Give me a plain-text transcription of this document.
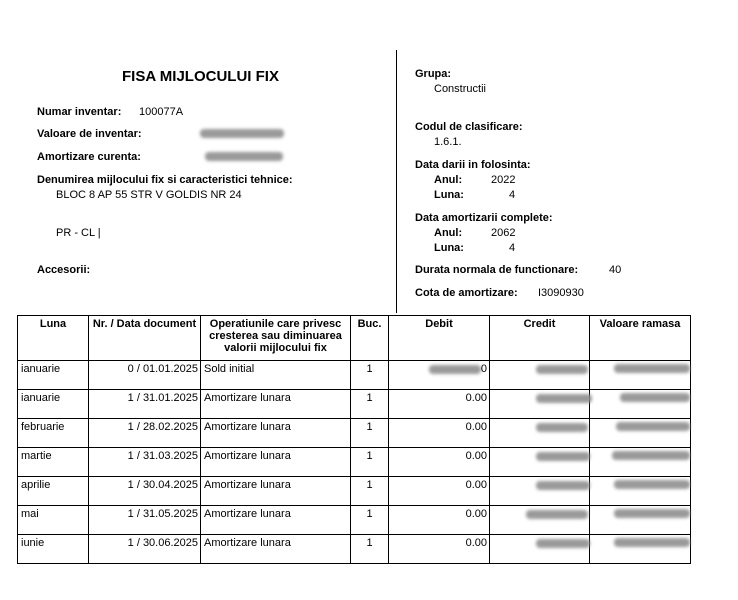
FISA MIJLOCULUI FIX
Numar inventar: 100077A
Valoare de inventar:
Amortizare curenta:
Denumirea mijlocului fix si caracteristici tehnice:
BLOC 8 AP 55 STR V GOLDIS NR 24
PR - CL |
Accesorii:
Grupa:
Constructii
Codul de clasificare:
1.6.1.
Data darii in folosinta:
Anul:	2022
Luna:	4
Data amortizarii complete:
Anul:	2062
Luna:	4
Durata normala de functionare:	40
Cota de amortizare: I3090930
Luna	Nr. / Data document	Operatiunile care privesc cresterea sau diminuarea valorii mijlocului fix	Buc.	Debit	Credit	Valoare ramasa
ianuarie	0 / 01.01.2025	Sold initial	1	0	

ianuarie	1 / 31.01.2025	Amortizare lunara	1	0.00	

februarie	1 / 28.02.2025	Amortizare lunara	1	0.00	

martie	1 / 31.03.2025	Amortizare lunara	1	0.00	

aprilie	1 / 30.04.2025	Amortizare lunara	1	0.00	

mai	1 / 31.05.2025	Amortizare lunara	1	0.00	

iunie	1 / 30.06.2025	Amortizare lunara	1	0.00	
